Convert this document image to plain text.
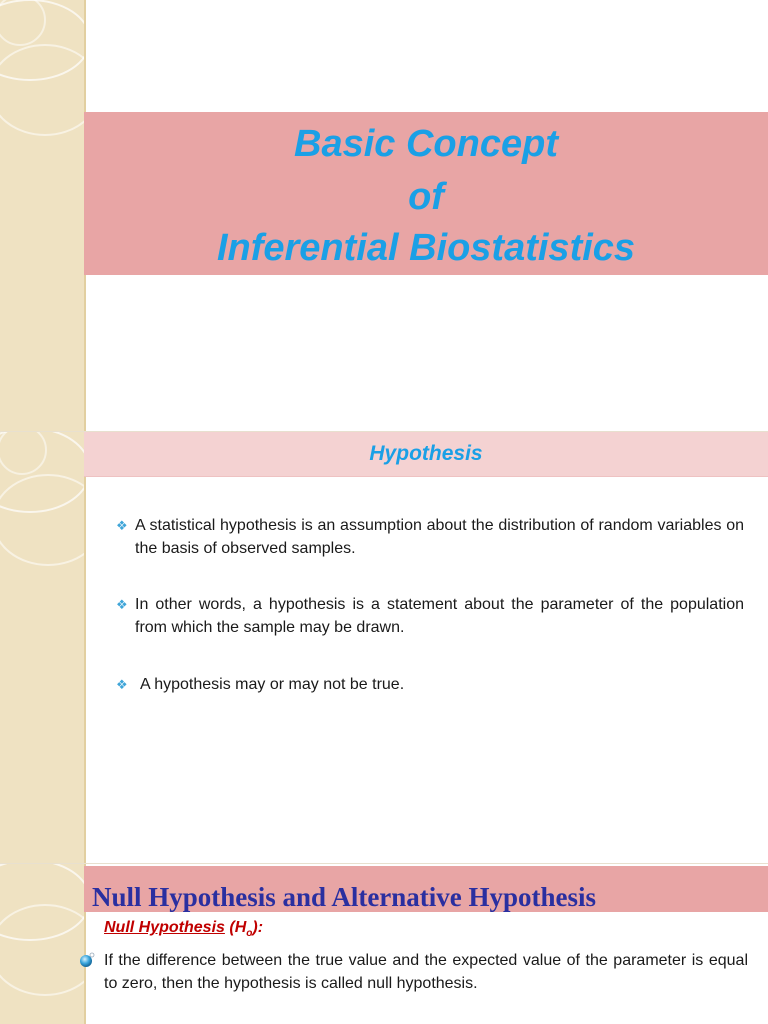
Basic Concept
of
Inferential Biostatistics
Hypothesis
❖ A statistical hypothesis is an assumption about the distribution of random variables on the basis of observed samples.
❖ In other words, a hypothesis is a statement about the parameter of the population from which the sample may be drawn.
❖ A hypothesis may or may not be true.
Null Hypothesis and Alternative Hypothesis
Null Hypothesis $(H_o)$:
If the difference between the true value and the expected value of the parameter is equal to zero, then the hypothesis is called null hypothesis.
